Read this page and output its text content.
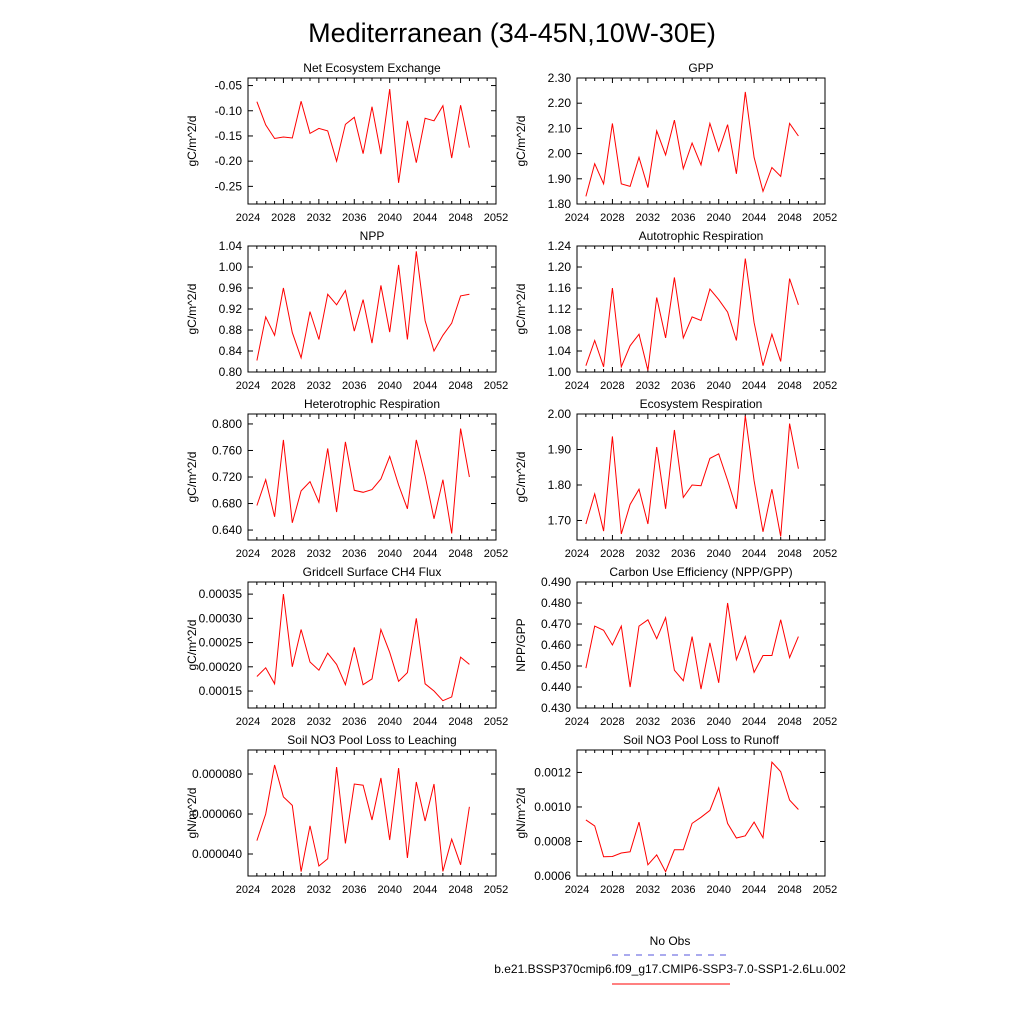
Mediterranean (34-45N,10W-30E)
Net Ecosystem Exchange
gC/m^2/d
2024 2028 2032 2036 2040 2044 2048 2052
-0.05
-0.10
-0.15
-0.20
-0.25
GPP
gC/m^2/d
2024 2028 2032 2036 2040 2044 2048 2052
2.30
2.20
2.10
2.00
1.90
1.80
NPP
gC/m^2/d
2024 2028 2032 2036 2040 2044 2048 2052
1.04
1.00
0.96
0.92
0.88
0.84
0.80
Autotrophic Respiration
gC/m^2/d
2024 2028 2032 2036 2040 2044 2048 2052
1.24
1.20
1.16
1.12
1.08
1.04
1.00
Heterotrophic Respiration
gC/m^2/d
2024 2028 2032 2036 2040 2044 2048 2052
0.800
0.760
0.720
0.680
0.640
Ecosystem Respiration
gC/m^2/d
2024 2028 2032 2036 2040 2044 2048 2052
2.00
1.90
1.80
1.70
Gridcell Surface CH4 Flux
gC/m^2/d
2024 2028 2032 2036 2040 2044 2048 2052
0.00035
0.00030
0.00025
0.00020
0.00015
Carbon Use Efficiency (NPP/GPP)
NPP/GPP
2024 2028 2032 2036 2040 2044 2048 2052
0.490
0.480
0.470
0.460
0.450
0.440
0.430
Soil NO3 Pool Loss to Leaching
gN/m^2/d
2024 2028 2032 2036 2040 2044 2048 2052
0.000080
0.000060
0.000040
Soil NO3 Pool Loss to Runoff
gN/m^2/d
2024 2028 2032 2036 2040 2044 2048 2052
0.0012
0.0010
0.0008
0.0006
No Obs
b.e21.BSSP370cmip6.f09_g17.CMIP6-SSP3-7.0-SSP1-2.6Lu.002
